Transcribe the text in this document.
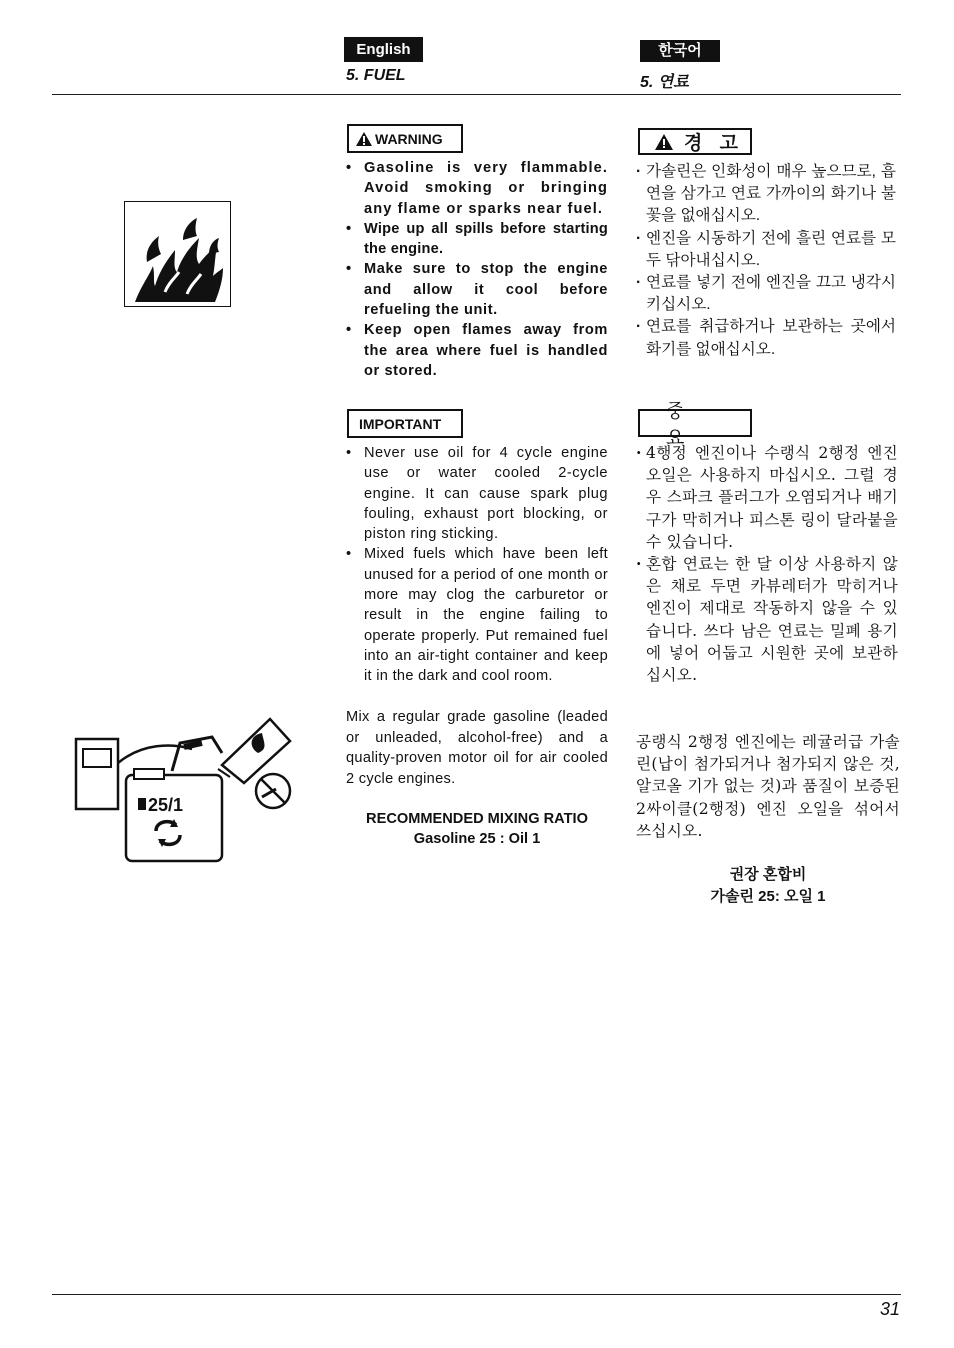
English
5. FUEL
한국어
5. 연료
25/1
WARNING
• Gasoline is very flammable. Avoid smoking or bringing any flame or sparks near fuel.
• Wipe up all spills before starting the engine.
• Make sure to stop the engine and allow it cool before refueling the unit.
• Keep open flames away from the area where fuel is handled or stored.
경 고
· 가솔린은 인화성이 매우 높으므로, 흡연을 삼가고 연료 가까이의 화기나 불꽃을 없애십시오.
· 엔진을 시동하기 전에 흘린 연료를 모두 닦아내십시오.
· 연료를 넣기 전에 엔진을 끄고 냉각시키십시오.
· 연료를 취급하거나 보관하는 곳에서 화기를 없애십시오.
IMPORTANT
• Never use oil for 4 cycle engine use or water cooled 2-cycle engine. It can cause spark plug fouling, exhaust port blocking, or piston ring sticking.
• Mixed fuels which have been left unused for a period of one month or more may clog the carburetor or result in the engine failing to operate properly. Put remained fuel into an air-tight container and keep it in the dark and cool room.
중 요
· 4행정 엔진이나 수랭식 2행정 엔진 오일은 사용하지 마십시오. 그럴 경우 스파크 플러그가 오염되거나 배기구가 막히거나 피스톤 링이 달라붙을 수 있습니다.
· 혼합 연료는 한 달 이상 사용하지 않은 채로 두면 카뷰레터가 막히거나 엔진이 제대로 작동하지 않을 수 있습니다. 쓰다 남은 연료는 밀폐 용기에 넣어 어둡고 시원한 곳에 보관하십시오.
Mix a regular grade gasoline (leaded or unleaded, alcohol-free) and a quality-proven motor oil for air cooled 2 cycle engines.
RECOMMENDED MIXING RATIO
Gasoline 25 : Oil 1
공랭식 2행정 엔진에는 레귤러급 가솔린(납이 첨가되거나 첨가되지 않은 것, 알코올 기가 없는 것)과 품질이 보증된 2싸이클(2행정) 엔진 오일을 섞어서 쓰십시오.
권장 혼합비
가솔린 25: 오일 1
31
